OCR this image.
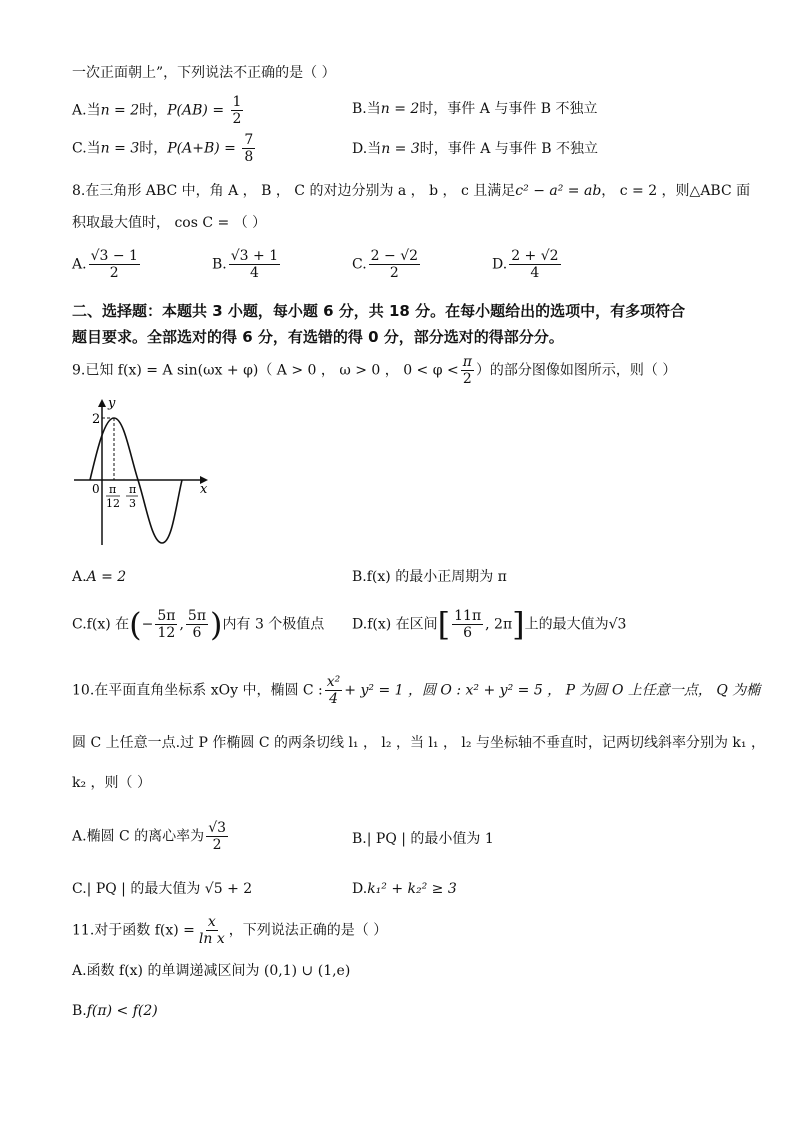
一次正面朝上”，下列说法不正确的是（ ）
A.当n = 2时，$P(AB) = \frac{1}{2}$	B.当n = 2时，事件 A 与事件 B 不独立
C.当n = 3时，$P(A+B) = \frac{7}{8}$	D.当n = 3时，事件 A 与事件 B 不独立
8.在三角形 ABC 中，角 A ， B ， C 的对边分别为 a ， b ， c 且满足c² − a² = ab， c = 2 ，则△ABC 面
积取最大值时， cos C = （ ）
A. $\frac{√3 - 1}{2}$	B. $\frac{√3 + 1}{4}$	C. $\frac{2 - √2}{2}$	D. $\frac{2 + √2}{4}$
二、选择题：本题共 3 小题，每小题 6 分，共 18 分。在每小题给出的选项中，有多项符合
题目要求。全部选对的得 6 分，有选错的得 0 分，部分选对的得部分分。
9.已知 f(x) = A sin(ωx + φ)（ A > 0 ， ω > 0 ， $0 < \varphi < \frac{\pi}{2}$ ）的部分图像如图所示，则（ ）
y
x
2
0 π
12
π
3
A.A = 2	B.f(x) 的最小正周期为 π
C.f(x) 在(− $\frac{5\pi}{12}$ , $\frac{5\pi}{6}$ )内有 3 个极值点 D.f(x) 在区间[ $\frac{11\pi}{6}$ , 2π]上的最大值为√3
10.在平面直角坐标系 xOy 中，椭圆 C : $\frac{\text{x²}}{4} + y^2 = 1$ ，圆 O : x² + y² = 5 ， P 为圆 O 上任意一点， Q 为椭
圆 C 上任意一点.过 P 作椭圆 C 的两条切线 l₁ ， l₂ ，当 l₁ ， l₂ 与坐标轴不垂直时，记两切线斜率分别为 k₁ ，
k₂ ，则（ ）
A.椭圆 C 的离心率为 $\frac{√3}{2}$	B.| PQ | 的最小值为 1
C.| PQ | 的最大值为 √5 + 2	D.k₁² + k₂² ≥ 3
11.对于函数 $f(x) = \frac{x}{\text{ln x}}$ ，下列说法正确的是（ ）
A.函数 f(x) 的单调递减区间为 (0,1) ∪ (1,e)
B.f(π) < f(2)
